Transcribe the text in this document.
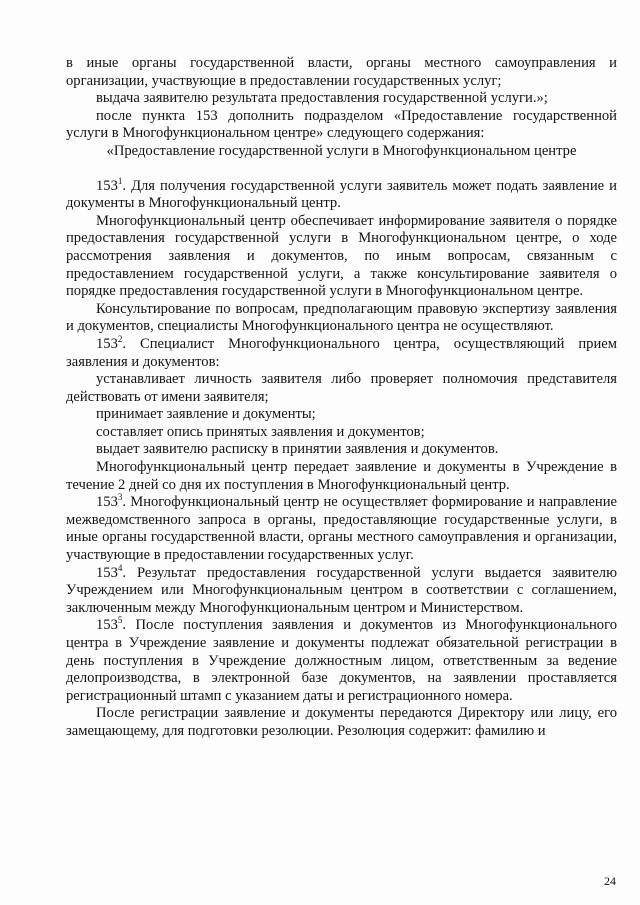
в иные органы государственной власти, органы местного самоуправления и организации, участвующие в предоставлении государственных услуг;

выдача заявителю результата предоставления государственной услуги.»;

после пункта 153 дополнить подразделом «Предоставление государственной услуги в Многофункциональном центре» следующего содержания:

«Предоставление государственной услуги в Многофункциональном центре

$153^1$. Для получения государственной услуги заявитель может подать заявление и документы в Многофункциональный центр.

Многофункциональный центр обеспечивает информирование заявителя о порядке предоставления государственной услуги в Многофункциональном центре, о ходе рассмотрения заявления и документов, по иным вопросам, связанным с предоставлением государственной услуги, а также консультирование заявителя о порядке предоставления государственной услуги в Многофункциональном центре.

Консультирование по вопросам, предполагающим правовую экспертизу заявления и документов, специалисты Многофункционального центра не осуществляют.

$153^2$. Специалист Многофункционального центра, осуществляющий прием заявления и документов:

устанавливает личность заявителя либо проверяет полномочия представителя действовать от имени заявителя;

принимает заявление и документы;

составляет опись принятых заявления и документов;

выдает заявителю расписку в принятии заявления и документов.

Многофункциональный центр передает заявление и документы в Учреждение в течение 2 дней со дня их поступления в Многофункциональный центр.

$153^3$. Многофункциональный центр не осуществляет формирование и направление межведомственного запроса в органы, предоставляющие государственные услуги, в иные органы государственной власти, органы местного самоуправления и организации, участвующие в предоставлении государственных услуг.

$153^4$. Результат предоставления государственной услуги выдается заявителю Учреждением или Многофункциональным центром в соответствии с соглашением, заключенным между Многофункциональным центром и Министерством.

$153^5$. После поступления заявления и документов из Многофункционального центра в Учреждение заявление и документы подлежат обязательной регистрации в день поступления в Учреждение должностным лицом, ответственным за ведение делопроизводства, в электронной базе документов, на заявлении проставляется регистрационный штамп с указанием даты и регистрационного номера.

После регистрации заявление и документы передаются Директору или лицу, его замещающему, для подготовки резолюции. Резолюция содержит: фамилию и

24
